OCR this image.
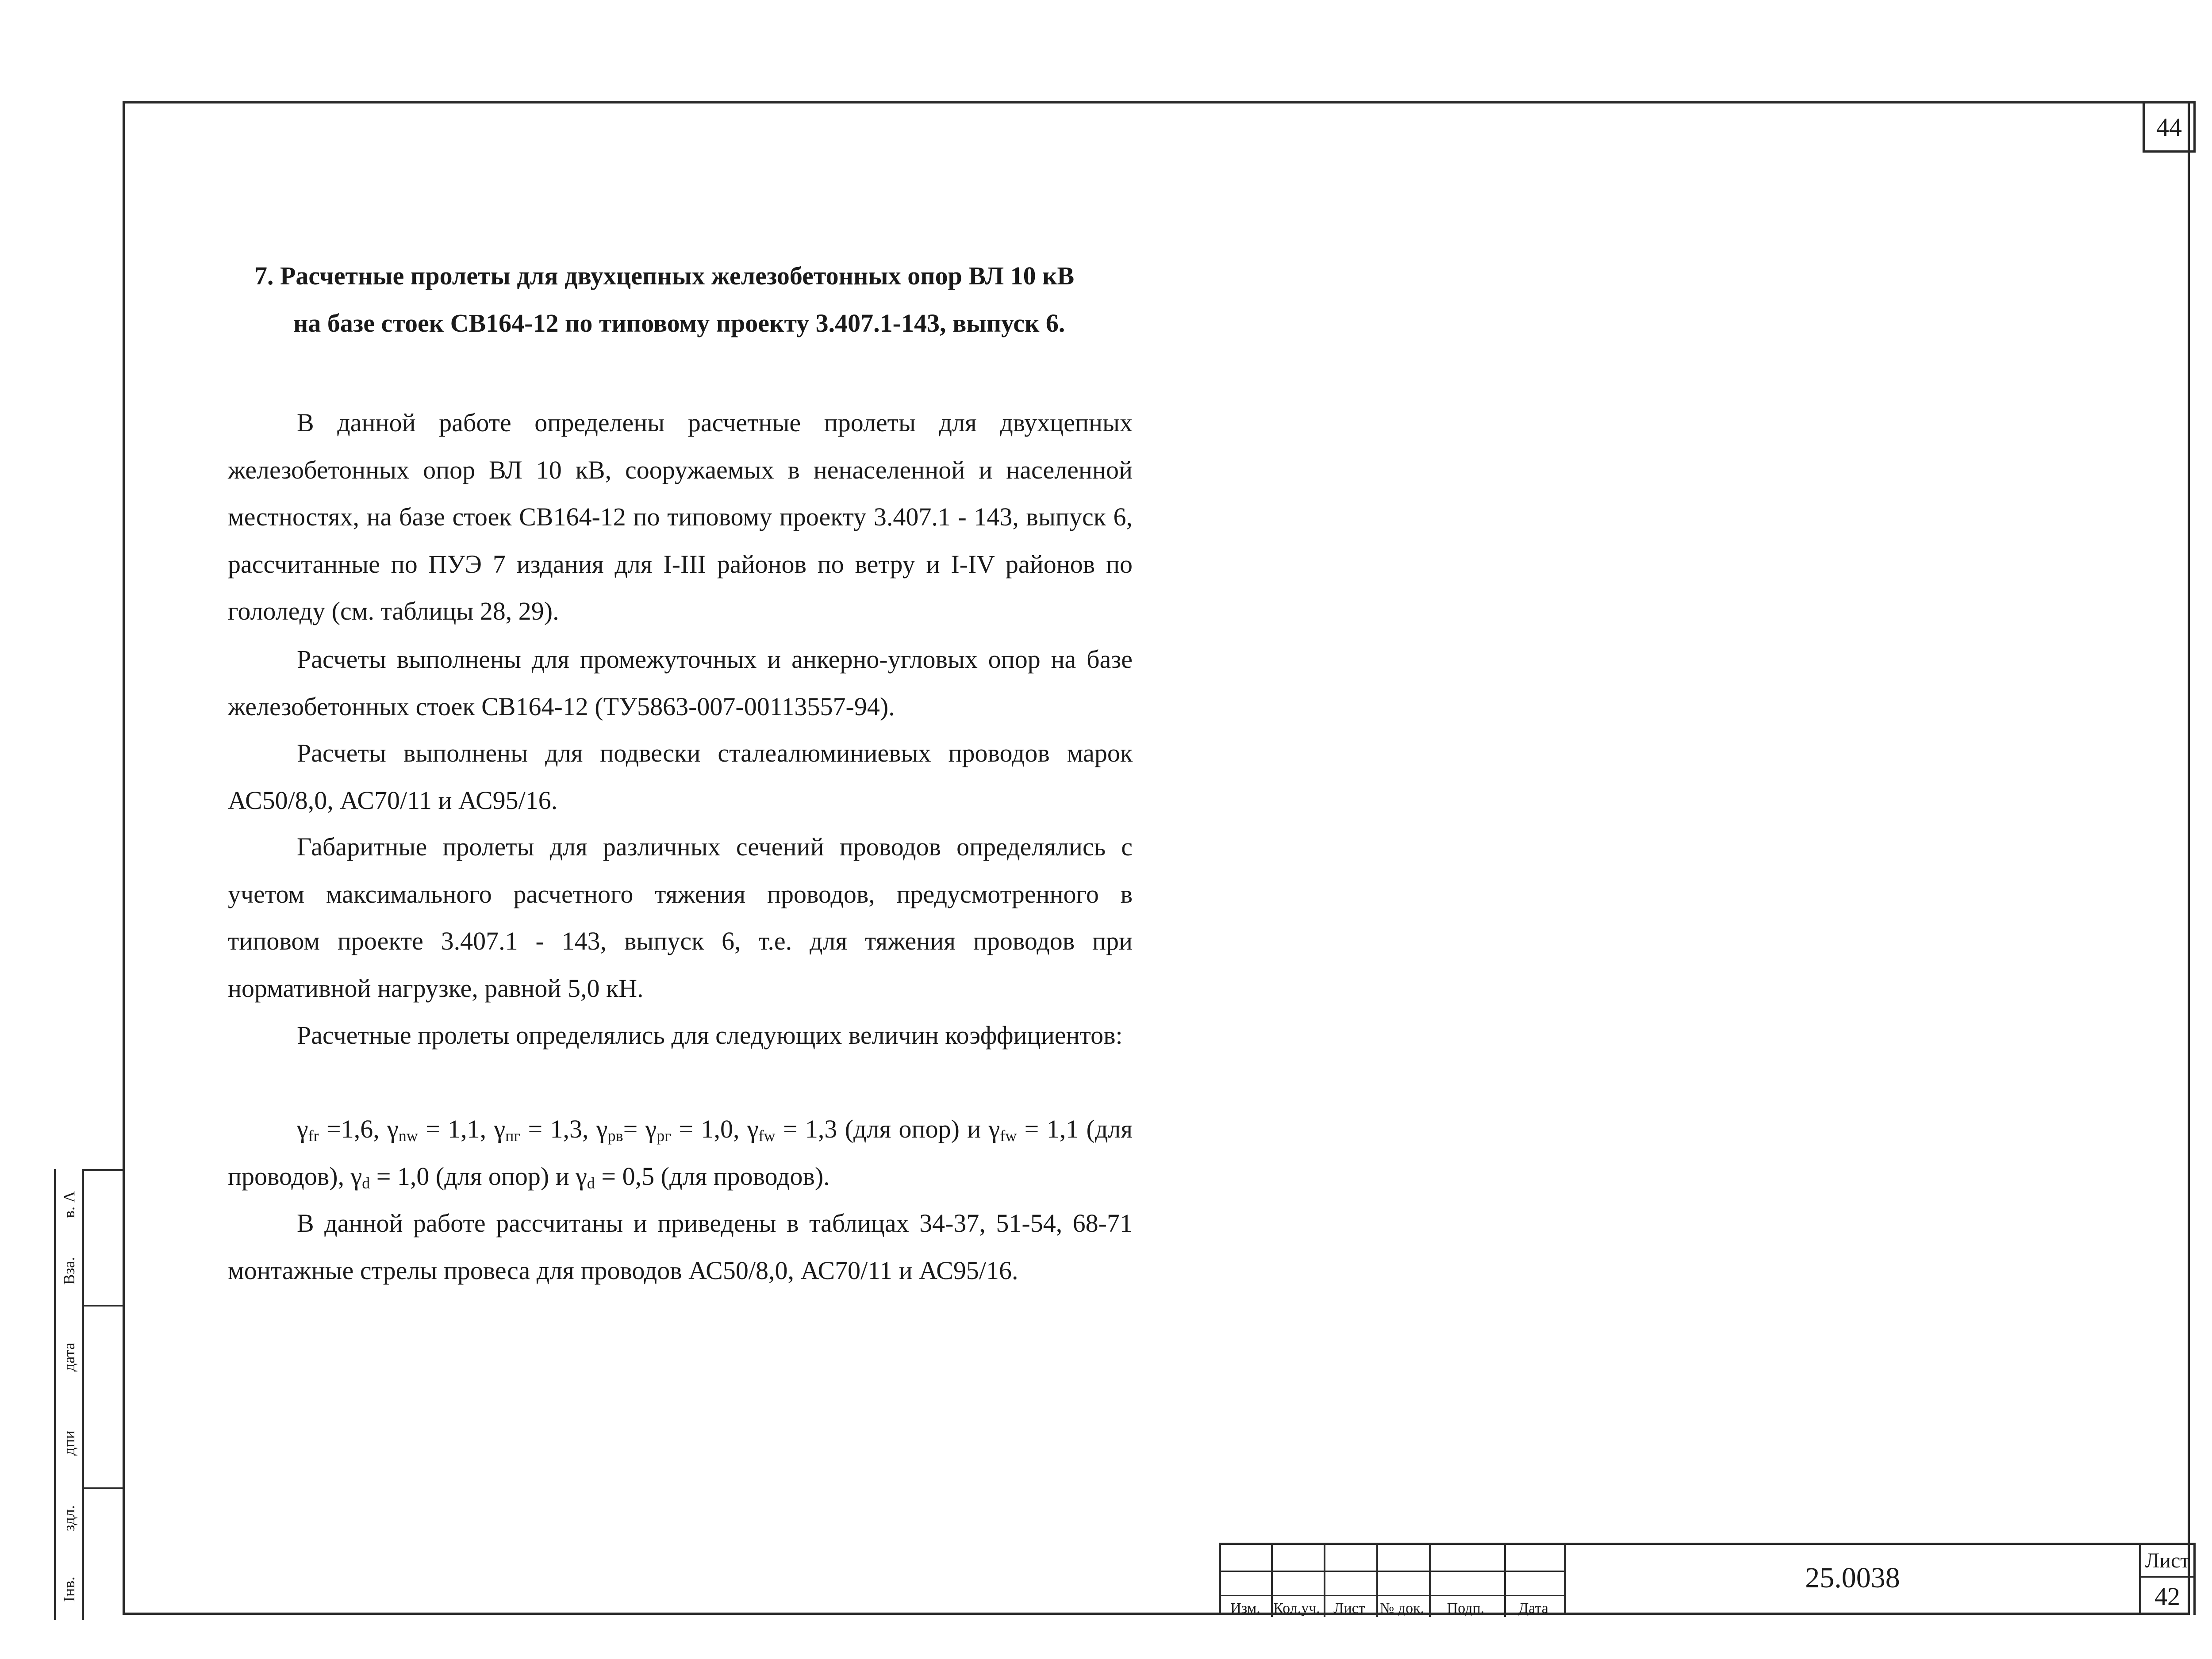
44
7. Расчетные пролеты для двухцепных железобетонных опор ВЛ 10 кВ
на базе стоек СВ164-12 по типовому проекту 3.407.1-143, выпуск 6.

В данной работе определены расчетные пролеты для двухцепных железобетонных опор ВЛ 10 кВ, сооружаемых в ненаселенной и населенной местностях, на базе стоек СВ164-12 по типовому проекту 3.407.1 - 143, выпуск 6, рассчитанные по ПУЭ 7 издания для I-III районов по ветру и I-IV районов по гололеду (см. таблицы 28, 29).

Расчеты выполнены для промежуточных и анкерно-угловых опор на базе железобетонных стоек СВ164-12 (ТУ5863-007-00113557-94).

Расчеты выполнены для подвески сталеалюминиевых проводов марок АС50/8,0, АС70/11 и АС95/16.

Габаритные пролеты для различных сечений проводов определялись с учетом максимального расчетного тяжения проводов, предусмотренного в типовом проекте 3.407.1 - 143, выпуск 6, т.е. для тяжения проводов при нормативной нагрузке, равной 5,0 кН.

Расчетные пролеты определялись для следующих величин коэффициентов:

$\gamma_{fr} =1,6$, $\gamma_{nw} = 1,1$, $\gamma_{пг} = 1,3$, $\gamma_{рв}= \gamma_{рг} = 1,0$, $\gamma_{fw} = 1,3$ (для опор) и $\gamma_{fw} = 1,1$ (для проводов), $\gamma_d = 1,0$ (для опор) и $\gamma_d = 0,5$ (для проводов).

В данной работе рассчитаны и приведены в таблицах 34-37, 51-54, 68-71 монтажные стрелы провеса для проводов АС50/8,0, АС70/11 и АС95/16.

Інв.
здл.
дпи
дата
Вза.
в. Λ
Изм. Кол.уч. Лист № док.	Подп.	Дата
25.0038
Лист
42
